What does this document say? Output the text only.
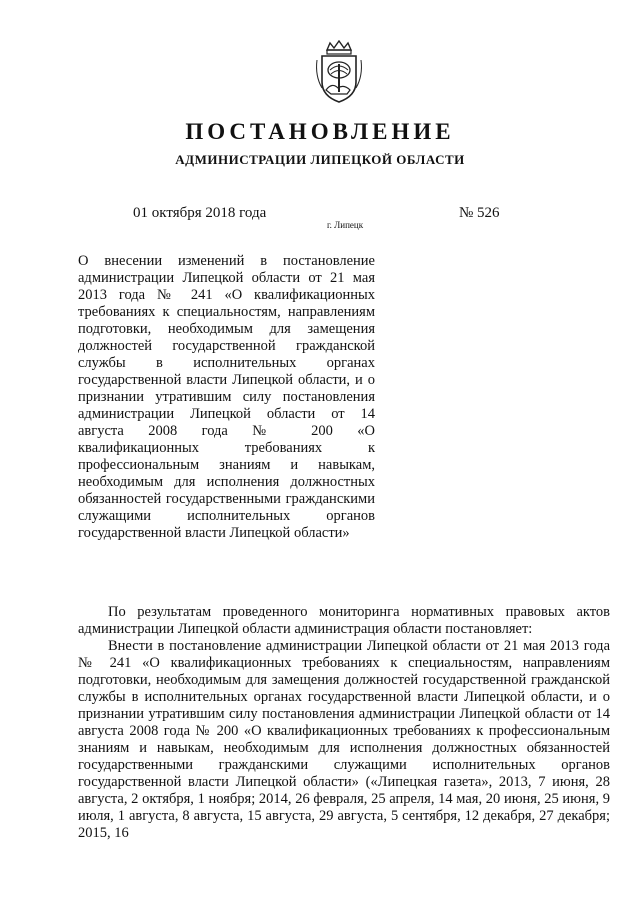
ПОСТАНОВЛЕНИЕ
АДМИНИСТРАЦИИ ЛИПЕЦКОЙ ОБЛАСТИ
01 октября 2018 года
г. Липецк
№ 526
О внесении изменений в постановление администрации Липецкой области от 21 мая 2013 года № 241 «О квалификационных требованиях к специальностям, направлениям подготовки, необходимым для замещения должностей государственной гражданской службы в исполнительных органах государственной власти Липецкой области, и о признании утратившим силу постановления администрации Липецкой области от 14 августа 2008 года № 200 «О квалификационных требованиях к профессиональным знаниям и навыкам, необходимым для исполнения должностных обязанностей государственными гражданскими служащими исполнительных органов государственной власти Липецкой области»

По результатам проведенного мониторинга нормативных правовых актов администрации Липецкой области администрация области постановляет:

Внести в постановление администрации Липецкой области от 21 мая 2013 года № 241 «О квалификационных требованиях к специальностям, направлениям подготовки, необходимым для замещения должностей государственной гражданской службы в исполнительных органах государственной власти Липецкой области, и о признании утратившим силу постановления администрации Липецкой области от 14 августа 2008 года № 200 «О квалификационных требованиях к профессиональным знаниям и навыкам, необходимым для исполнения должностных обязанностей государственными гражданскими служащими исполнительных органов государственной власти Липецкой области» («Липецкая газета», 2013, 7 июня, 28 августа, 2 октября, 1 ноября; 2014, 26 февраля, 25 апреля, 14 мая, 20 июня, 25 июня, 9 июля, 1 августа, 8 августа, 15 августа, 29 августа, 5 сентября, 12 декабря, 27 декабря; 2015, 16
